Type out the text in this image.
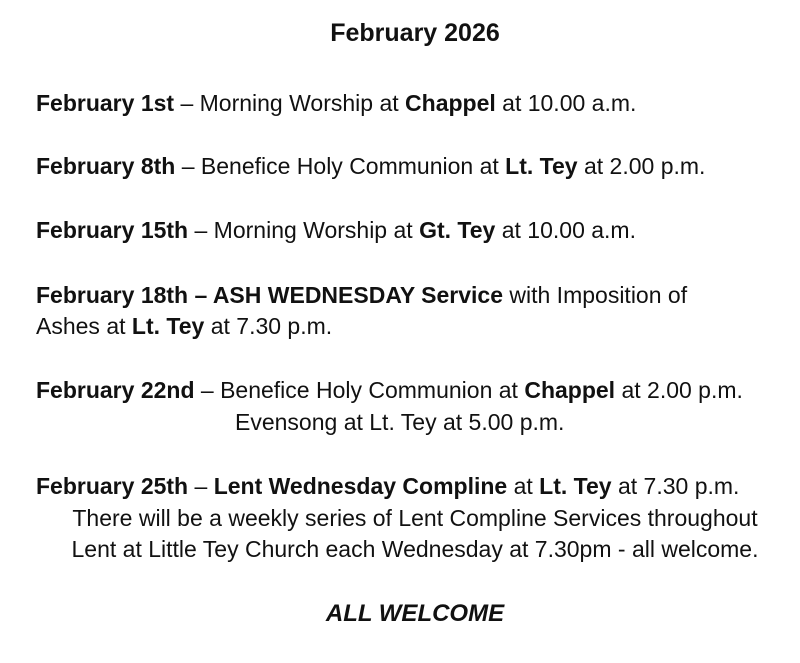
February 2026
February 1st – Morning Worship at Chappel at 10.00 a.m.
February 8th – Benefice Holy Communion at Lt. Tey at 2.00 p.m.
February 15th – Morning Worship at Gt. Tey at 10.00 a.m.
February 18th – ASH WEDNESDAY Service with Imposition of
Ashes at Lt. Tey at 7.30 p.m.
February 22nd – Benefice Holy Communion at Chappel at 2.00 p.m.
Evensong at Lt. Tey at 5.00 p.m.
February 25th – Lent Wednesday Compline at Lt. Tey at 7.30 p.m.
There will be a weekly series of Lent Compline Services throughout
Lent at Little Tey Church each Wednesday at 7.30pm - all welcome.
ALL WELCOME
